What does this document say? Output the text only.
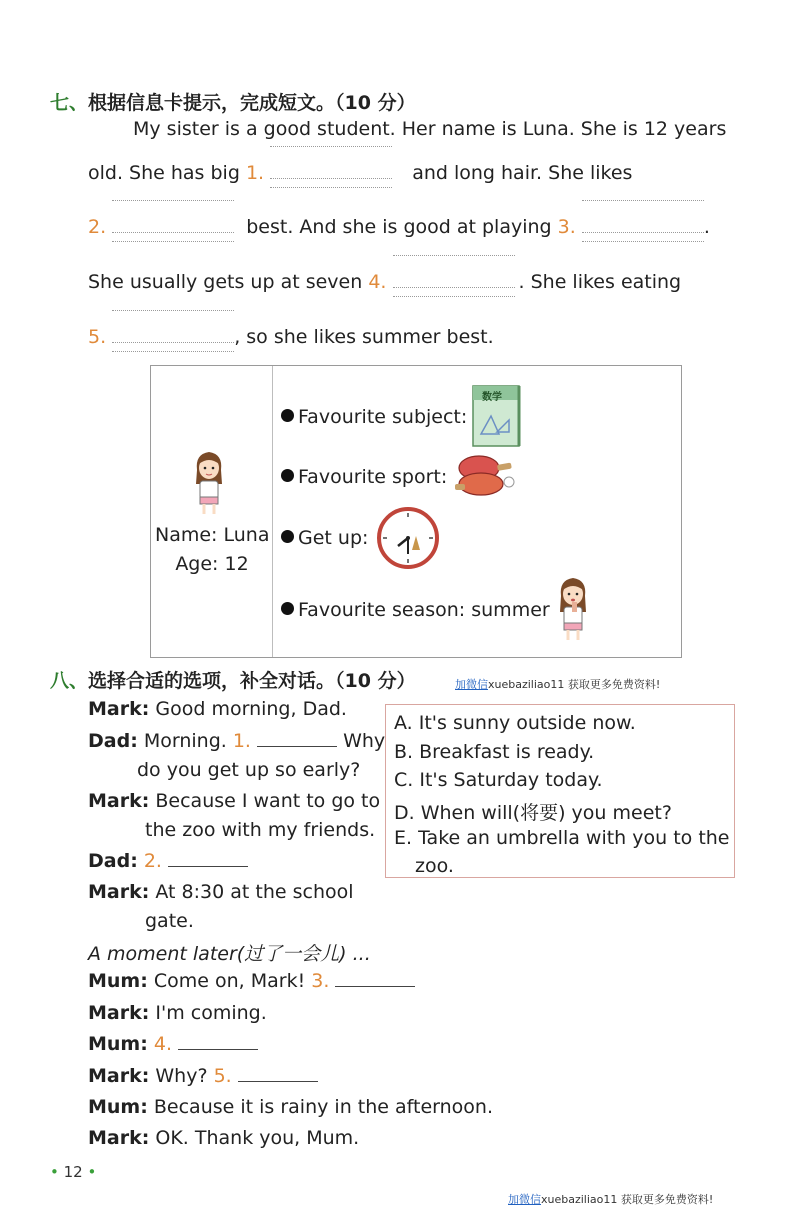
七、根据信息卡提示，完成短文。（10 分）
My sister is a good student. Her name is Luna. She is 12 years
old. She has big 1.	and long hair. She likes
2.	best. And she is good at playing 3.	.
She usually gets up at seven 4.	. She likes eating
5.	, so she likes summer best.
Name: Luna
Age: 12
Favourite subject:
数学
Favourite sport:
Get up:
Favourite season: summer
八、选择合适的选项，补全对话。（10 分）	加微信xuebaziliao11 获取更多免费资料!
A. It's sunny outside now.
B. Breakfast is ready.
C. It's Saturday today.
D. When will(将要) you meet?
E. Take an umbrella with you to the
zoo.
Mark: Good morning, Dad.
Dad: Morning. 1.	Why
do you get up so early?
Mark: Because I want to go to
the zoo with my friends.
Dad: 2.
Mark: At 8:30 at the school
gate.
A moment later(过了一会儿) ...
Mum: Come on, Mark! 3.
Mark: I'm coming.
Mum: 4.
Mark: Why? 5.
Mum: Because it is rainy in the afternoon.
Mark: OK. Thank you, Mum.
• 12 •
加微信xuebaziliao11 获取更多免费资料!
